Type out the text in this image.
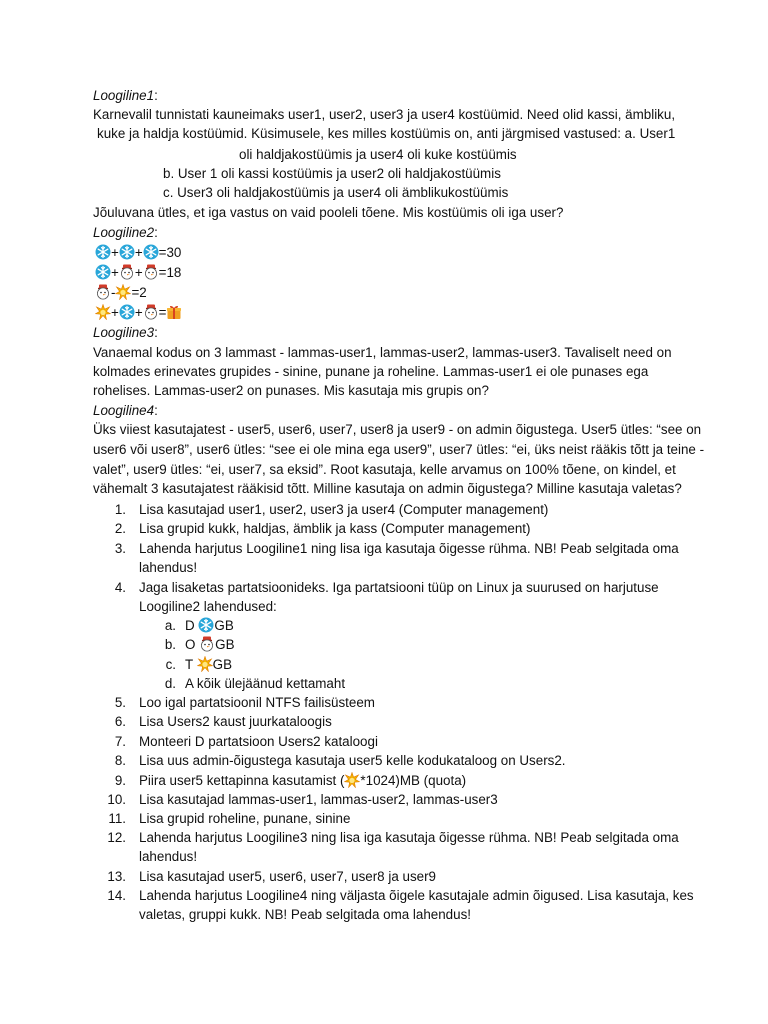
Loogiline1:
Karnevalil tunnistati kauneimaks user1, user2, user3 ja user4 kostüümid. Need olid kassi, ämbliku,
kuke ja haldja kostüümid. Küsimusele, kes milles kostüümis on, anti järgmised vastused: a. User1
oli haldjakostüümis ja user4 oli kuke kostüümis
b. User 1 oli kassi kostüümis ja user2 oli haldjakostüümis
c. User3 oli haldjakostüümis ja user4 oli ämblikukostüümis
Jõuluvana ütles, et iga vastus on vaid pooleli tõene. Mis kostüümis oli iga user?
Loogiline2:
+ + =30
+ + =18
- =2
+ + =
Loogiline3:
Vanaemal kodus on 3 lammast - lammas-user1, lammas-user2, lammas-user3. Tavaliselt need on
kolmades erinevates grupides - sinine, punane ja roheline. Lammas-user1 ei ole punases ega
rohelises. Lammas-user2 on punases. Mis kasutaja mis grupis on?
Loogiline4:
Üks viiest kasutajatest - user5, user6, user7, user8 ja user9 - on admin õigustega. User5 ütles: “see on
user6 või user8”, user6 ütles: “see ei ole mina ega user9”, user7 ütles: “ei, üks neist rääkis tõtt ja teine -
valet”, user9 ütles: “ei, user7, sa eksid”. Root kasutaja, kelle arvamus on 100% tõene, on kindel, et
vähemalt 3 kasutajatest rääkisid tõtt. Milline kasutaja on admin õigustega? Milline kasutaja valetas?
1. Lisa kasutajad user1, user2, user3 ja user4 (Computer management)
2. Lisa grupid kukk, haldjas, ämblik ja kass (Computer management)
3. Lahenda harjutus Loogiline1 ning lisa iga kasutaja õigesse rühma. NB! Peab selgitada oma
lahendus!
4. Jaga lisaketas partatsioonideks. Iga partatsiooni tüüp on Linux ja suurused on harjutuse
Loogiline2 lahendused:
a. D GB
b. O GB
c. T GB
d. A kõik ülejäänud kettamaht
5. Loo igal partatsioonil NTFS failisüsteem
6. Lisa Users2 kaust juurkataloogis
7. Monteeri D partatsioon Users2 kataloogi
8. Lisa uus admin-õigustega kasutaja user5 kelle kodukataloog on Users2.
9. Piira user5 kettapinna kasutamist ( *1024)MB (quota)
10. Lisa kasutajad lammas-user1, lammas-user2, lammas-user3
11. Lisa grupid roheline, punane, sinine
12. Lahenda harjutus Loogiline3 ning lisa iga kasutaja õigesse rühma. NB! Peab selgitada oma
lahendus!
13. Lisa kasutajad user5, user6, user7, user8 ja user9
14. Lahenda harjutus Loogiline4 ning väljasta õigele kasutajale admin õigused. Lisa kasutaja, kes
valetas, gruppi kukk. NB! Peab selgitada oma lahendus!
